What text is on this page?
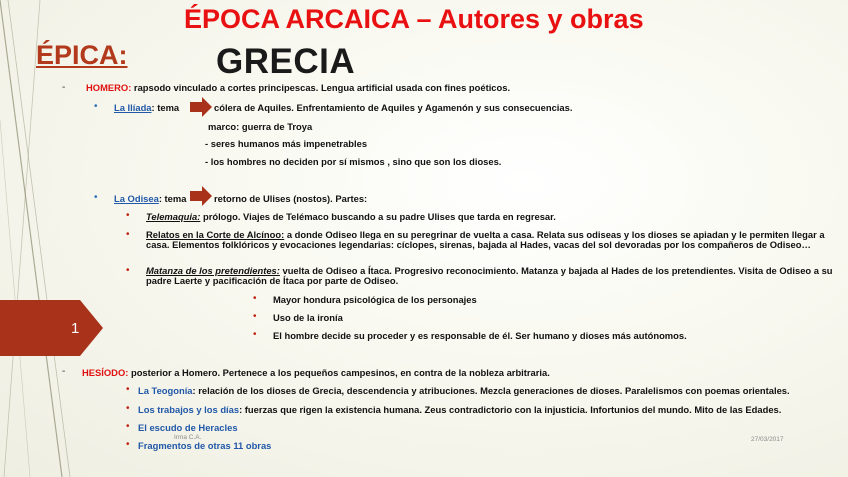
ÉPOCA ARCAICA – Autores y obras
ÉPICA:	GRECIA
- HOMERO: rapsodo vinculado a cortes principescas. Lengua artificial usada con fines poéticos.
• La Ilíada: tema	cólera de Aquiles. Enfrentamiento de Aquiles y Agamenón y sus consecuencias.
marco: guerra de Troya
- seres humanos más impenetrables
- los hombres no deciden por sí mismos , sino que son los dioses.
• La Odisea: tema	retorno de Ulises (nostos). Partes:
• Telemaquia: prólogo. Viajes de Telémaco buscando a su padre Ulises que tarda en regresar.
• Relatos en la Corte de Alcínoo: a donde Odiseo llega en su peregrinar de vuelta a casa. Relata sus odiseas y los dioses se apiadan y le permiten llegar a casa. Elementos folklóricos y evocaciones legendarias: cíclopes, sirenas, bajada al Hades, vacas del sol devoradas por los compañeros de Odiseo…
• Matanza de los pretendientes: vuelta de Odiseo a Ítaca. Progresivo reconocimiento. Matanza y bajada al Hades de los pretendientes. Visita de Odiseo a su padre Laerte y pacificación de Ítaca por parte de Odiseo.
• Mayor hondura psicológica de los personajes
• Uso de la ironía
• El hombre decide su proceder y es responsable de él. Ser humano y dioses más autónomos.
- HESÍODO: posterior a Homero. Pertenece a los pequeños campesinos, en contra de la nobleza arbitraria.
• La Teogonía: relación de los dioses de Grecia, descendencia y atribuciones. Mezcla generaciones de dioses. Paralelismos con poemas orientales.
• Los trabajos y los días: fuerzas que rigen la existencia humana. Zeus contradictorio con la injusticia. Infortunios del mundo. Mito de las Edades.
• El escudo de Heracles
Irma C.A.	27/03/2017
• Fragmentos de otras 11 obras
1
